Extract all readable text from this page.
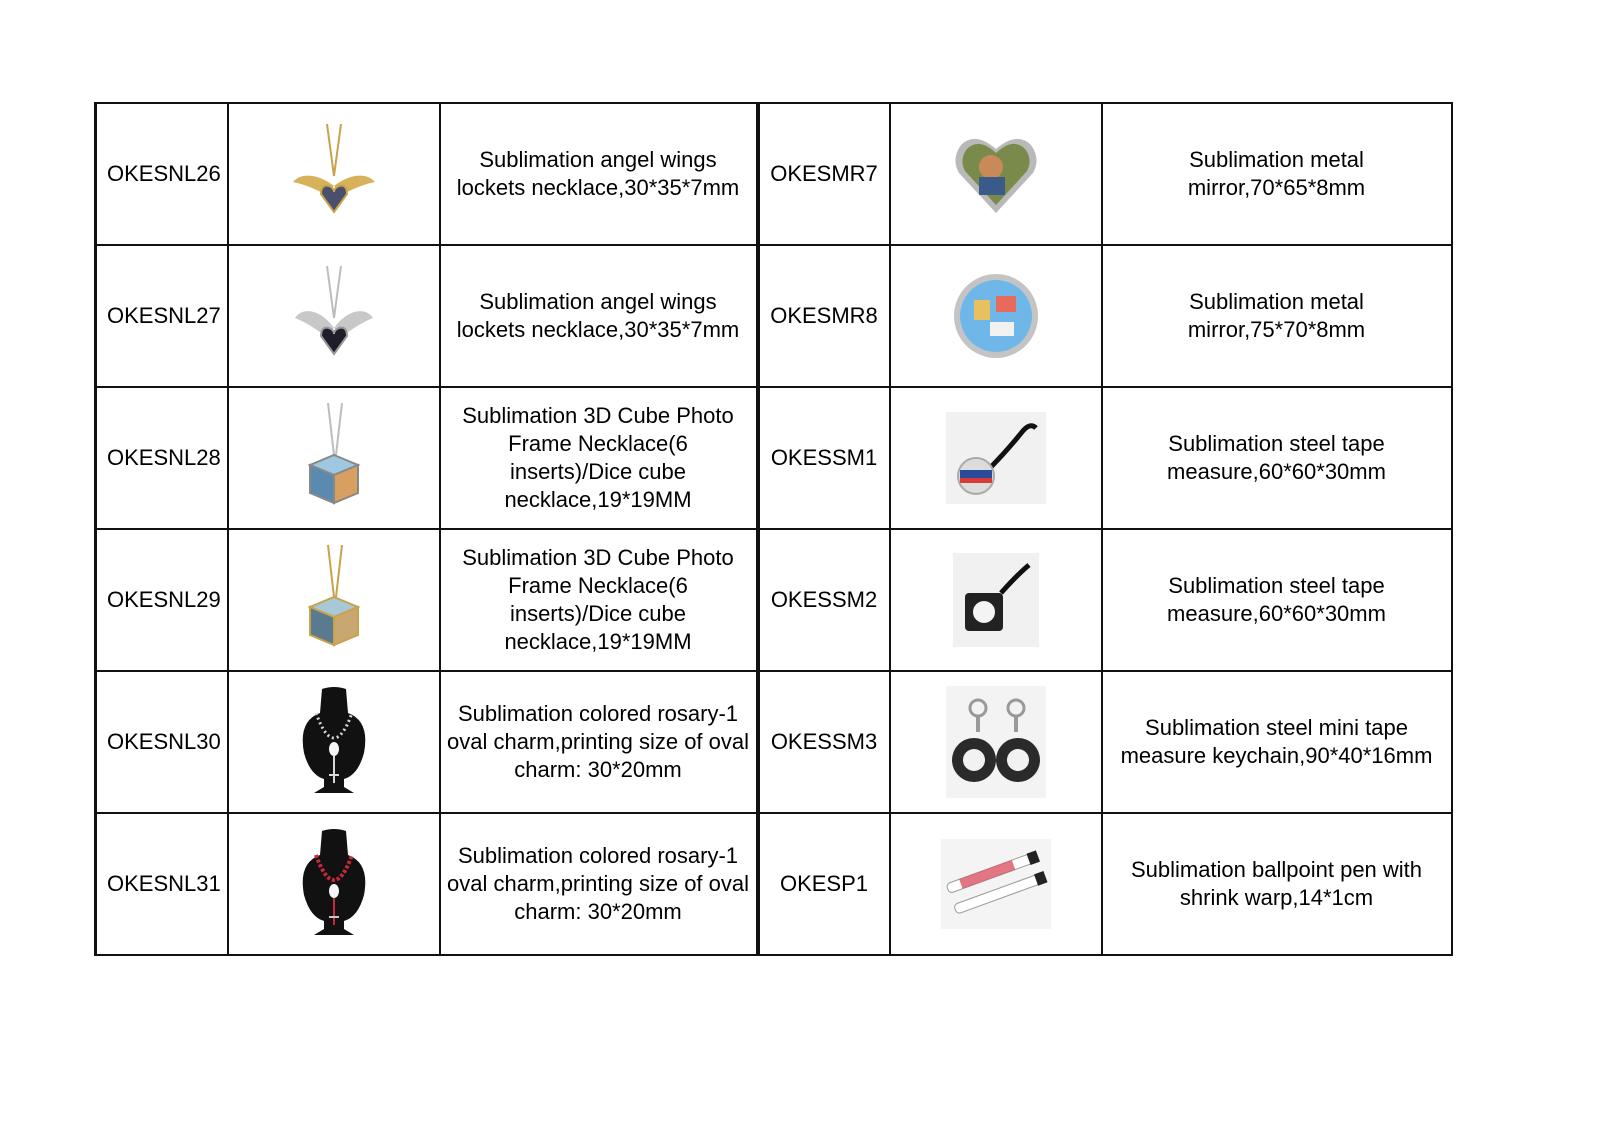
OKESNL26		Sublimation angel wings lockets necklace,30*35*7mm	OKESMR7		Sublimation metal mirror,70*65*8mm
OKESNL27		Sublimation angel wings lockets necklace,30*35*7mm	OKESMR8		Sublimation metal mirror,75*70*8mm
OKESNL28		Sublimation 3D Cube Photo Frame Necklace(6 inserts)/Dice cube necklace,19*19MM	OKESSM1		Sublimation steel tape measure,60*60*30mm
OKESNL29		Sublimation 3D Cube Photo Frame Necklace(6 inserts)/Dice cube necklace,19*19MM	OKESSM2		Sublimation steel tape measure,60*60*30mm
OKESNL30		Sublimation colored rosary-1 oval charm,printing size of oval charm: 30*20mm	OKESSM3		Sublimation steel mini tape measure keychain,90*40*16mm
OKESNL31		Sublimation colored rosary-1 oval charm,printing size of oval charm: 30*20mm	OKESP1		Sublimation ballpoint pen with shrink warp,14*1cm
